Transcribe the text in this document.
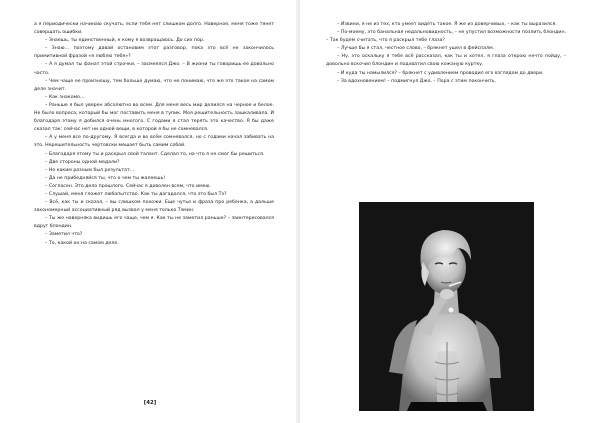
а я периодически начинаю скучать, если тебя нет слишком долго. Наверное, меня тоже тянет совершать ошибки.

– Знаешь, ты единственный, к кому я возвращаюсь. До сих пор.

– Знаю… поэтому давай остановим этот разговор, пока это всё не закончилось примитивной фразой «я люблю тебя»?

– А я думал ты фанат этой строчки, – засмеялся Джо. – В жизни ты говоришь ее довольно часто.

– Чем чаще ее произношу, тем больше думаю, что не понимаю, что же это такое на самом деле значит.

– Как знакомо…

– Раньше я был уверен абсолютно во всем. Для меня весь мир делился на черное и белое. Не было вопроса, который бы мог поставить меня в тупик. Моя решительность зашкаливала. И благодаря этому я добился очень многого. С годами я стал терять это качество. Я бы даже сказал так: сейчас нет ни одной вещи, в которой я бы не сомневался.

– А у меня все по-другому. Я всегда и во всём сомневался, но с годами начал забивать на это. Нерешительность чертовски мешает быть самим собой.

– Благодаря этому ты и раскрыл свой талант. Сделал то, на что я не смог бы решиться.

– Две стороны одной медали?

– Но каким разным был результат…

– Да не прибедняйся ты, что о чем ты жалеешь!

– Согласен. Это дело прошлого. Сейчас я доволен всем, что имею.

– Слушай, меня гложет любопытство. Как ты догадался, что это был Тэ?

– Всё, как ты и сказал, – вы слишком похожи. Еще чутье и фраза про ребенка, а дальше закономерный ассоциативный ряд вызвал у меня только Тэмин.

– Ты же наверняка видишь его чаще, чем я. Как ты не заметил раньше? – заинтересовался вдруг блондин.

– Заметил что?

– То, какой он на самом деле.

[42]

– Извини, я не из тех, кто умеет видеть такое. Я же из доверчивых, – как ты выразился.

– По-моему, это банальная недальновидность, – не упустил возможности позлить блондин. – Так будем считать, что я раскрыл тебе глаза?

– Лучше бы я стал, честное слово, – брякнет ушел в фейспалм.

– Ну, это оскальку я тебе всё рассказал, как ты и хотел, я глаза открою нечто пойду, – довольно вскочил блондин и подхватил свою кожаную куртку.

– И куда ты намылился? – брякнет с удивлением проводил его взглядом до двери.

– За вдохновением! – подмигнул Джо. – Пора с этим покончить.
